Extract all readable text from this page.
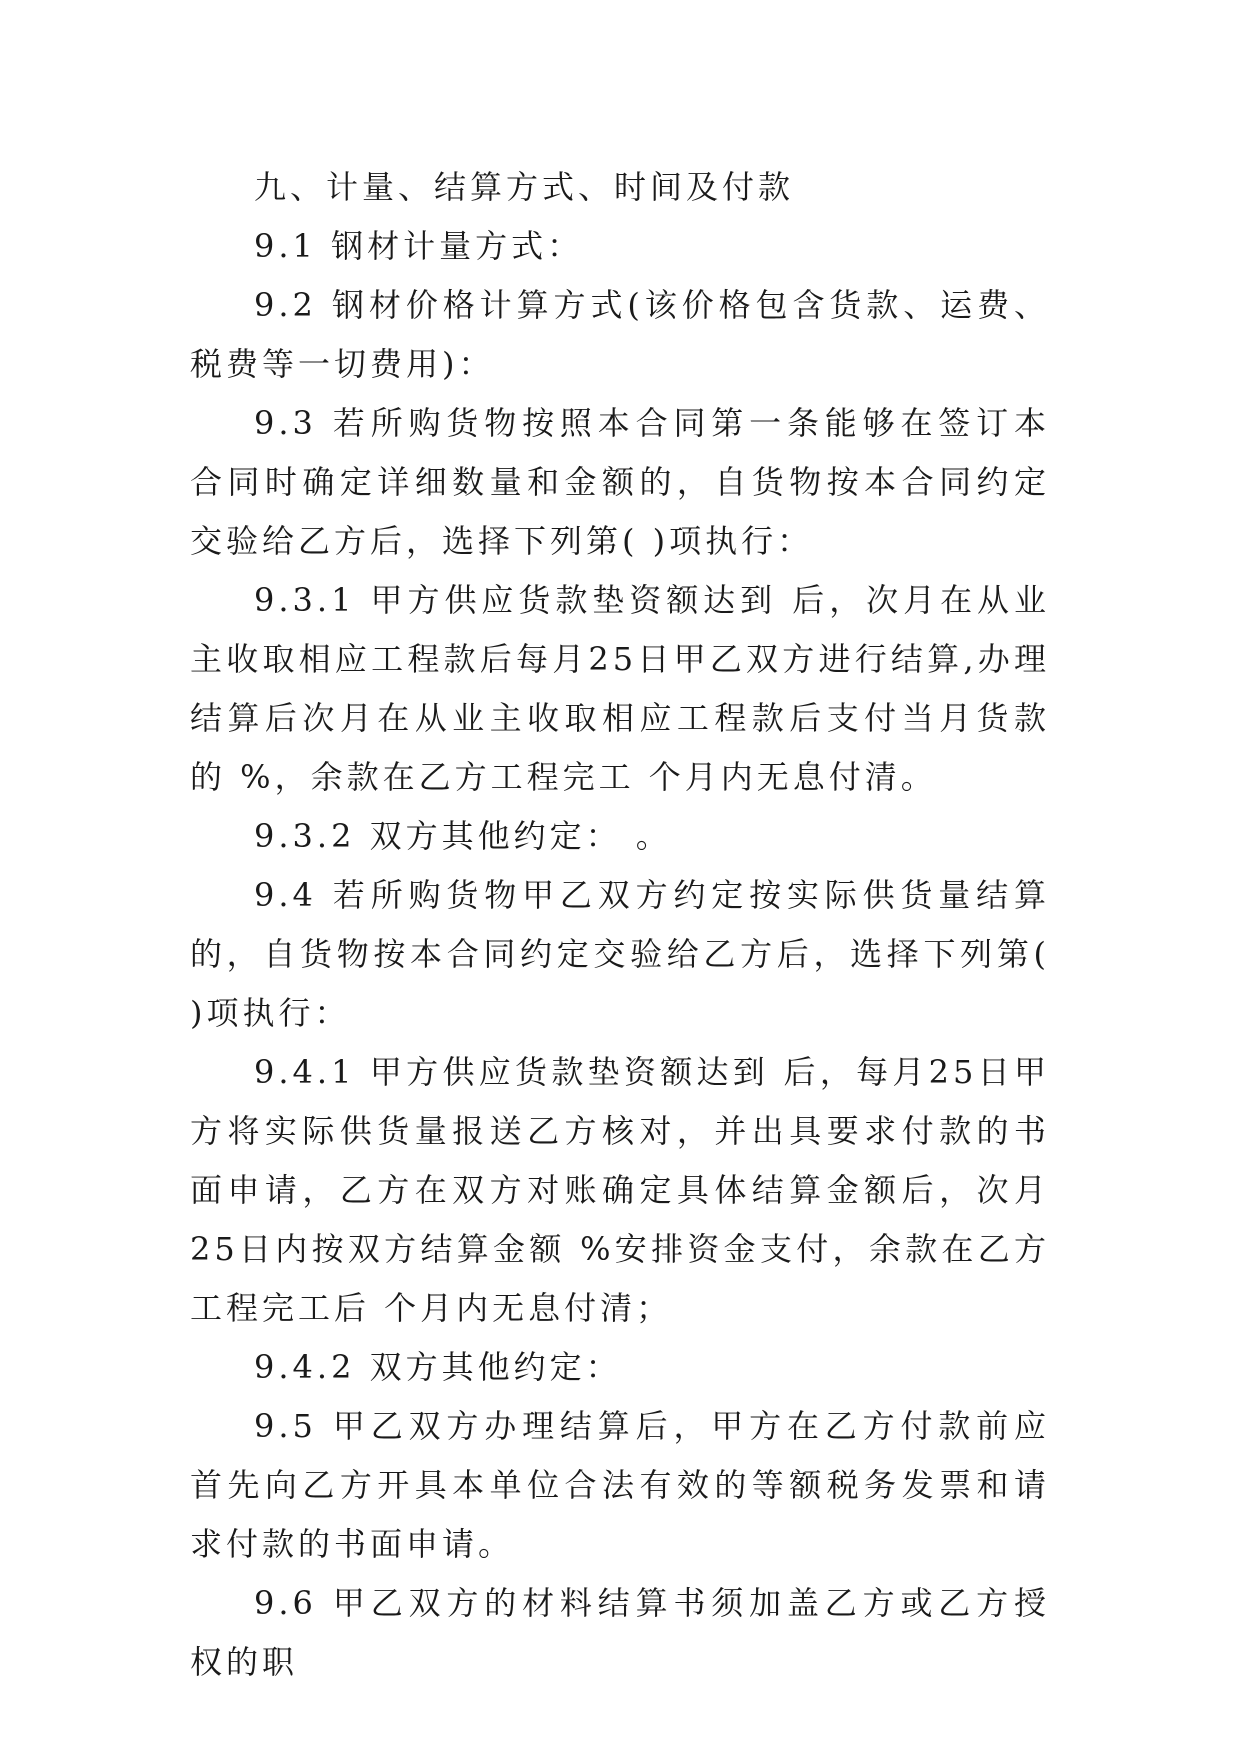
九、计量、结算方式、时间及付款

9.1 钢材计量方式：

9.2 钢材价格计算方式(该价格包含货款、运费、税费等一切费用)：

9.3 若所购货物按照本合同第一条能够在签订本合同时确定详细数量和金额的，自货物按本合同约定交验给乙方后，选择下列第( )项执行：

9.3.1 甲方供应货款垫资额达到 后，次月在从业主收取相应工程款后每月25日甲乙双方进行结算,办理结算后次月在从业主收取相应工程款后支付当月货款的 %，余款在乙方工程完工 个月内无息付清。

9.3.2 双方其他约定： 。

9.4 若所购货物甲乙双方约定按实际供货量结算的，自货物按本合同约定交验给乙方后，选择下列第( )项执行：

9.4.1 甲方供应货款垫资额达到 后，每月25日甲方将实际供货量报送乙方核对，并出具要求付款的书面申请，乙方在双方对账确定具体结算金额后，次月25日内按双方结算金额 %安排资金支付，余款在乙方工程完工后 个月内无息付清；

9.4.2 双方其他约定：

9.5 甲乙双方办理结算后，甲方在乙方付款前应首先向乙方开具本单位合法有效的等额税务发票和请求付款的书面申请。

9.6 甲乙双方的材料结算书须加盖乙方或乙方授权的职
